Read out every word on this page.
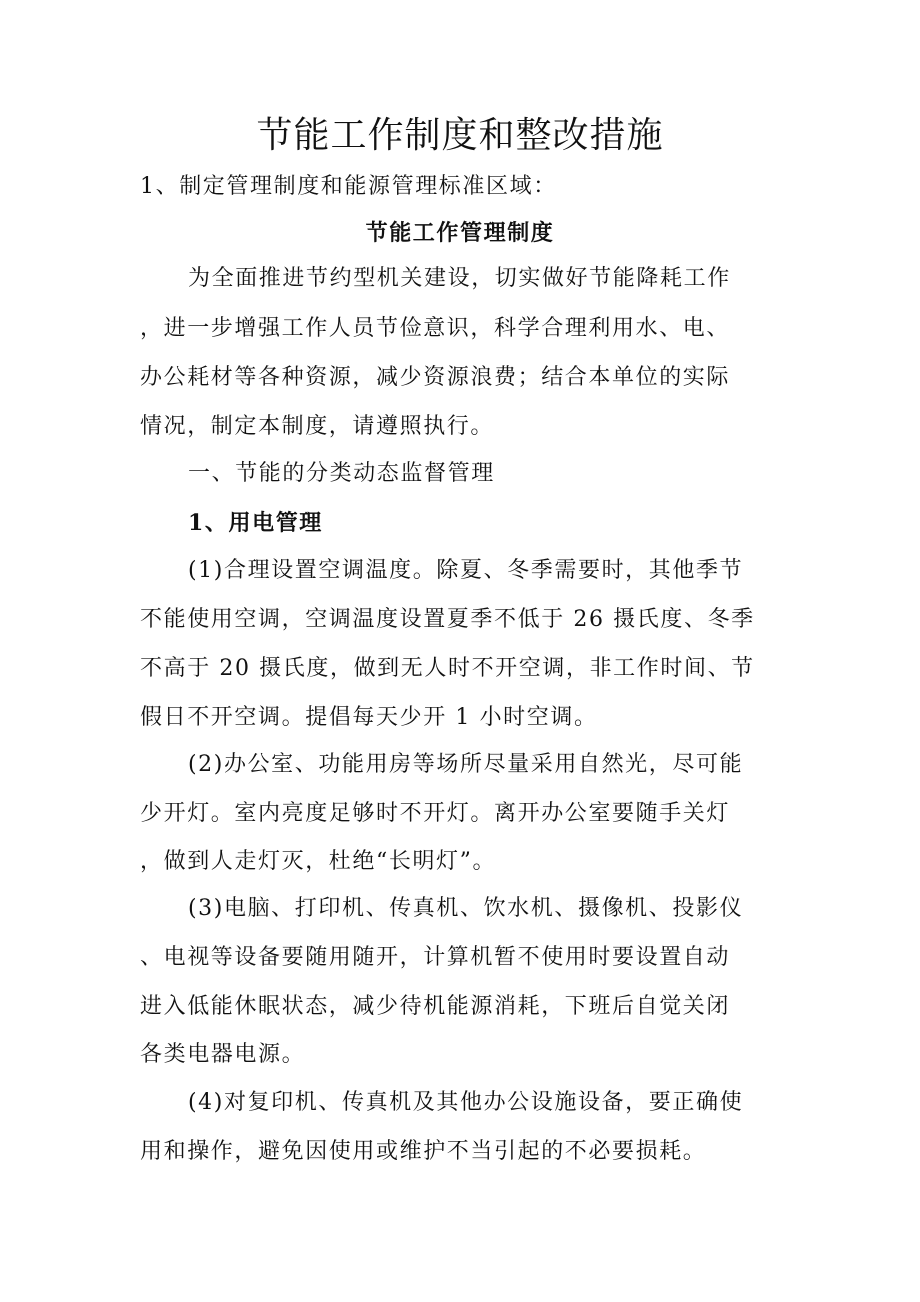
节能工作制度和整改措施

1、制定管理制度和能源管理标准区域：

节能工作管理制度

为全面推进节约型机关建设，切实做好节能降耗工作

，进一步增强工作人员节俭意识，科学合理利用水、电、

办公耗材等各种资源，减少资源浪费；结合本单位的实际

情况，制定本制度，请遵照执行。

一、节能的分类动态监督管理

1、用电管理

(1)合理设置空调温度。除夏、冬季需要时，其他季节

不能使用空调，空调温度设置夏季不低于 26 摄氏度、冬季

不高于 20 摄氏度，做到无人时不开空调，非工作时间、节

假日不开空调。提倡每天少开 1 小时空调。

(2)办公室、功能用房等场所尽量采用自然光，尽可能

少开灯。室内亮度足够时不开灯。离开办公室要随手关灯

，做到人走灯灭，杜绝“长明灯”。

(3)电脑、打印机、传真机、饮水机、摄像机、投影仪

、电视等设备要随用随开，计算机暂不使用时要设置自动

进入低能休眠状态，减少待机能源消耗，下班后自觉关闭

各类电器电源。

(4)对复印机、传真机及其他办公设施设备，要正确使

用和操作，避免因使用或维护不当引起的不必要损耗。
